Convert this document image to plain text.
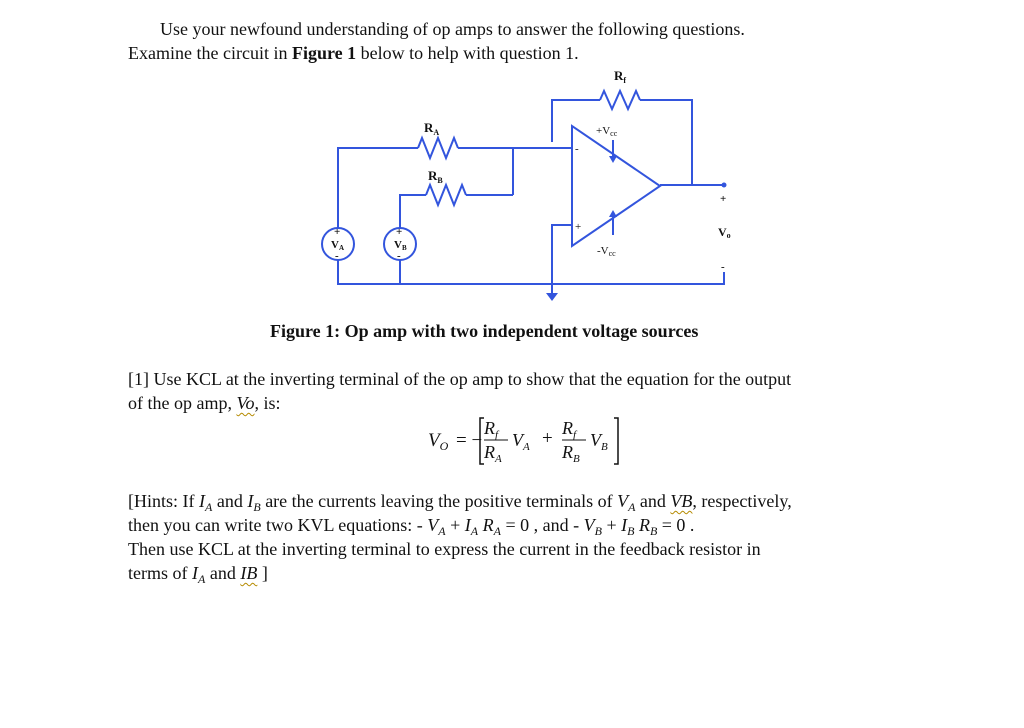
Use your newfound understanding of op amps to answer the following questions.
Examine the circuit in Figure 1 below to help with question 1.
$R_f$
$R_A$
$R_B$
+Vcc
-Vcc
-
+
VA
+
-
VB
+
-
Vo
+
-
Figure 1: Op amp with two independent voltage sources
[1] Use KCL at the inverting terminal of the op amp to show that the equation for the output
of the op amp, Vo, is:
$V_O$ = −
$R_f$
$R_A$
$V_A + R_f$
$R_B$
$V_B$
[Hints: If $I_A$ and $I_B$ are the currents leaving the positive terminals of $V_A$ and VB, respectively,
then you can write two KVL equations: - $V_A + I_A$ $R_A = 0$ , and - $V_B + I_B$ $R_B = 0$ .
Then use KCL at the inverting terminal to express the current in the feedback resistor in
terms of $I_A$ and IB ]
